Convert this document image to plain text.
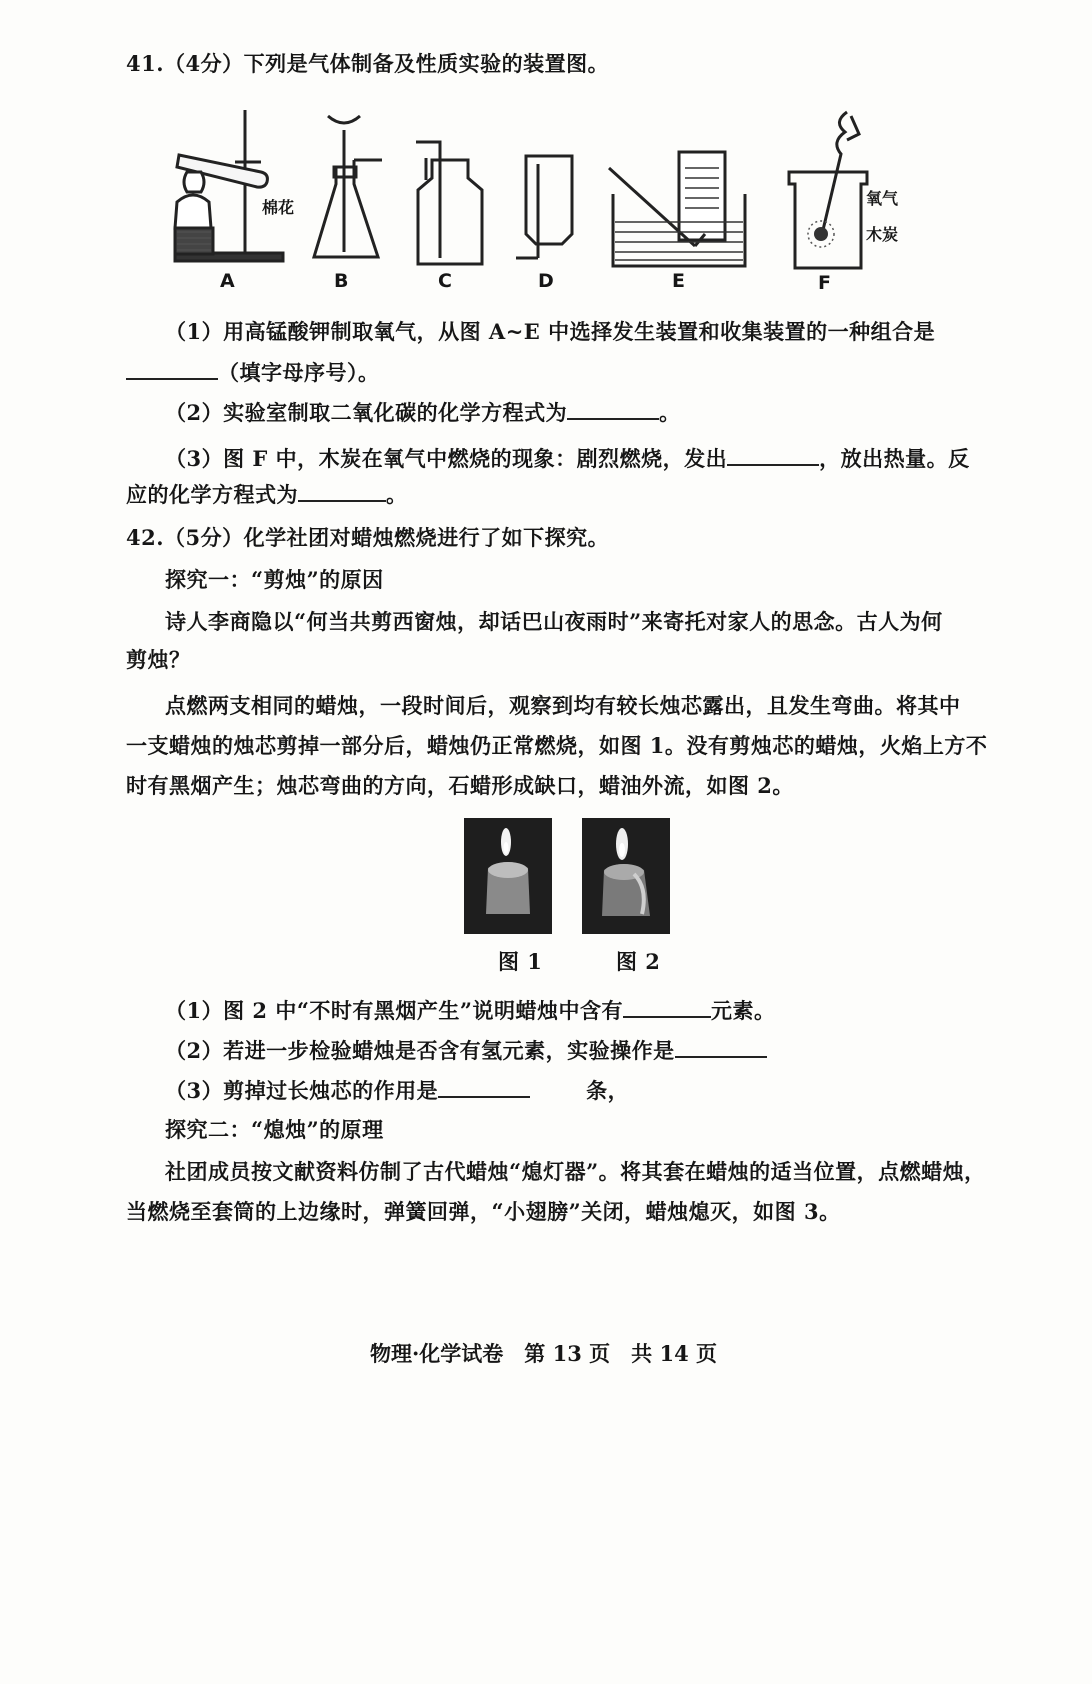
41.（4分）下列是气体制备及性质实验的装置图。
棉花	氧气
木炭
A	B	C	D	E	F
（1）用高锰酸钾制取氧气，从图 A~E 中选择发生装置和收集装置的一种组合是
（填字母序号）。
（2）实验室制取二氧化碳的化学方程式为	。
（3）图 F 中，木炭在氧气中燃烧的现象：剧烈燃烧，发出	，放出热量。反
应的化学方程式为	。
42.（5分）化学社团对蜡烛燃烧进行了如下探究。
探究一：“剪烛”的原因
诗人李商隐以“何当共剪西窗烛，却话巴山夜雨时”来寄托对家人的思念。古人为何
剪烛？
点燃两支相同的蜡烛，一段时间后，观察到均有较长烛芯露出，且发生弯曲。将其中
一支蜡烛的烛芯剪掉一部分后，蜡烛仍正常燃烧，如图 1。没有剪烛芯的蜡烛，火焰上方不
时有黑烟产生；烛芯弯曲的方向，石蜡形成缺口，蜡油外流，如图 2。
图 1	图 2
（1）图 2 中“不时有黑烟产生”说明蜡烛中含有	元素。
（2）若进一步检验蜡烛是否含有氢元素，实验操作是
（3）剪掉过长烛芯的作用是	条，
探究二：“熄烛”的原理
社团成员按文献资料仿制了古代蜡烛“熄灯器”。将其套在蜡烛的适当位置，点燃蜡烛，
当燃烧至套筒的上边缘时，弹簧回弹，“小翅膀”关闭，蜡烛熄灭，如图 3。
物理·化学试卷　第 13 页　共 14 页
